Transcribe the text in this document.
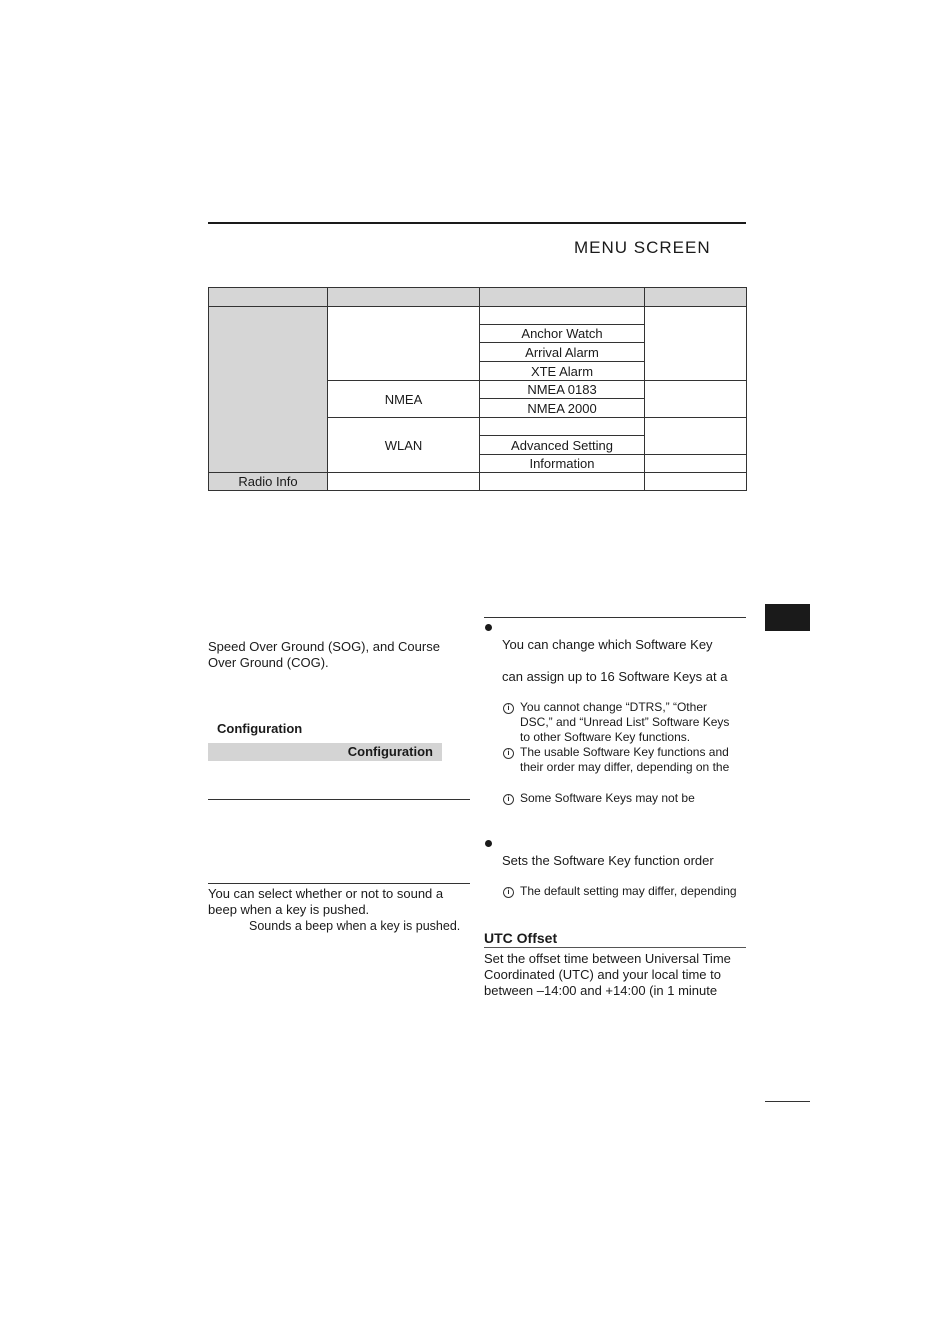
MENU SCREEN
Radio Info
NMEA
WLAN
Anchor Watch
Arrival Alarm
XTE Alarm
NMEA 0183
NMEA 2000
Advanced Setting
Information
Speed Over Ground (SOG), and Course
Over Ground (COG).
Configuration
Configuration
You can select whether or not to sound a
beep when a key is pushed.
Sounds a beep when a key is pushed.
You can change which Software Key
can assign up to 16 Software Keys at a
i You cannot change “DTRS,” “Other
DSC,” and “Unread List” Software Keys
to other Software Key functions.
i The usable Software Key functions and
their order may differ, depending on the
i Some Software Keys may not be
Sets the Software Key function order
i The default setting may differ, depending
UTC Offset
Set the offset time between Universal Time
Coordinated (UTC) and your local time to
between –14:00 and +14:00 (in 1 minute
